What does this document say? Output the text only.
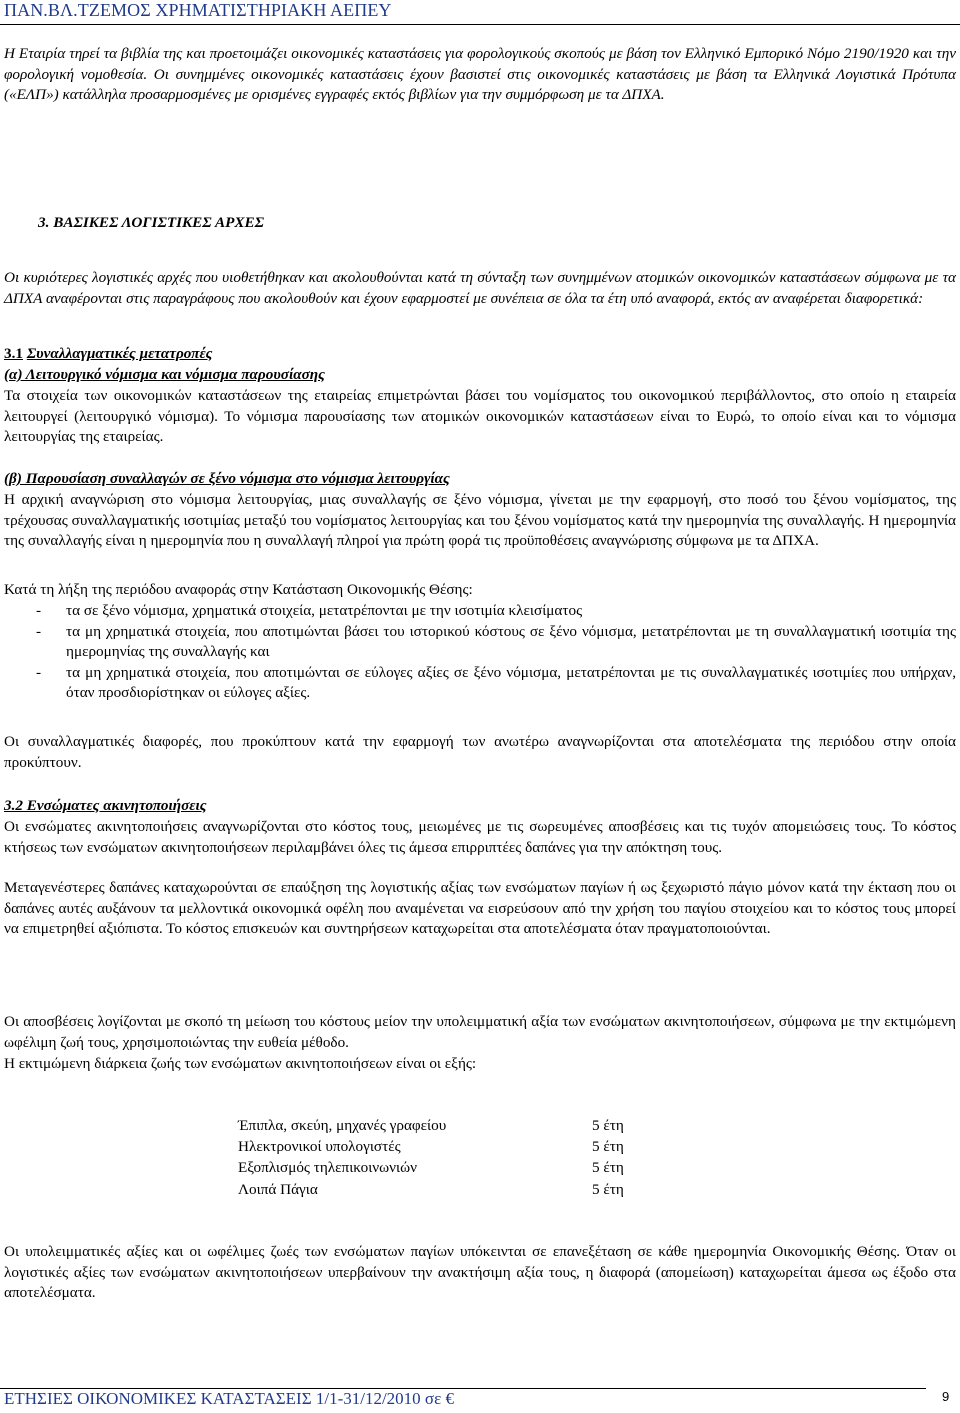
ΠΑΝ.ΒΛ.ΤΖΕΜΟΣ ΧΡΗΜΑΤΙΣΤΗΡΙΑΚΗ ΑΕΠΕΥ
Η Εταιρία τηρεί τα βιβλία της και προετοιμάζει οικονομικές καταστάσεις για φορολογικούς σκοπούς με βάση τον Ελληνικό Εμπορικό Νόμο 2190/1920 και την φορολογική νομοθεσία. Οι συνημμένες οικονομικές καταστάσεις έχουν βασιστεί στις οικονομικές καταστάσεις με βάση τα Ελληνικά Λογιστικά Πρότυπα («ΕΛΠ») κατάλληλα προσαρμοσμένες με ορισμένες εγγραφές εκτός βιβλίων για την συμμόρφωση με τα ΔΠΧΑ.
3. ΒΑΣΙΚΕΣ ΛΟΓΙΣΤΙΚΕΣ ΑΡΧΕΣ
Οι κυριότερες λογιστικές αρχές που υιοθετήθηκαν και ακολουθούνται κατά τη σύνταξη των συνημμένων ατομικών οικονομικών καταστάσεων σύμφωνα με τα ΔΠΧΑ αναφέρονται στις παραγράφους που ακολουθούν και έχουν εφαρμοστεί με συνέπεια σε όλα τα έτη υπό αναφορά, εκτός αν αναφέρεται διαφορετικά:
3.1 Συναλλαγματικές μετατροπές
(α) Λειτουργικό νόμισμα και νόμισμα παρουσίασης
Τα στοιχεία των οικονομικών καταστάσεων της εταιρείας επιμετρώνται βάσει του νομίσματος του οικονομικού περιβάλλοντος, στο οποίο η εταιρεία λειτουργεί (λειτουργικό νόμισμα). Το νόμισμα παρουσίασης των ατομικών οικονομικών καταστάσεων είναι το Ευρώ, το οποίο είναι και το νόμισμα λειτουργίας της εταιρείας.
(β) Παρουσίαση συναλλαγών σε ξένο νόμισμα στο νόμισμα λειτουργίας
Η αρχική αναγνώριση στο νόμισμα λειτουργίας, μιας συναλλαγής σε ξένο νόμισμα, γίνεται με την εφαρμογή, στο ποσό του ξένου νομίσματος, της τρέχουσας συναλλαγματικής ισοτιμίας μεταξύ του νομίσματος λειτουργίας και του ξένου νομίσματος κατά την ημερομηνία της συναλλαγής. Η ημερομηνία της συναλλαγής είναι η ημερομηνία που η συναλλαγή πληροί για πρώτη φορά τις προϋποθέσεις αναγνώρισης σύμφωνα με τα ΔΠΧΑ.
Κατά τη λήξη της περιόδου αναφοράς στην Κατάσταση Οικονομικής Θέσης:
-	τα σε ξένο νόμισμα, χρηματικά στοιχεία, μετατρέπονται με την ισοτιμία κλεισίματος
-	τα μη χρηματικά στοιχεία, που αποτιμώνται βάσει του ιστορικού κόστους σε ξένο νόμισμα, μετατρέπονται με τη συναλλαγματική ισοτιμία της ημερομηνίας της συναλλαγής και
-	τα μη χρηματικά στοιχεία, που αποτιμώνται σε εύλογες αξίες σε ξένο νόμισμα, μετατρέπονται με τις συναλλαγματικές ισοτιμίες που υπήρχαν, όταν προσδιορίστηκαν οι εύλογες αξίες.
Οι συναλλαγματικές διαφορές, που προκύπτουν κατά την εφαρμογή των ανωτέρω αναγνωρίζονται στα αποτελέσματα της περιόδου στην οποία προκύπτουν.
3.2 Ενσώματες ακινητοποιήσεις
Οι ενσώματες ακινητοποιήσεις αναγνωρίζονται στο κόστος τους, μειωμένες με τις σωρευμένες αποσβέσεις και τις τυχόν απομειώσεις τους. Το κόστος κτήσεως των ενσώματων ακινητοποιήσεων περιλαμβάνει όλες τις άμεσα επιρριπτέες δαπάνες για την απόκτηση τους.
Μεταγενέστερες δαπάνες καταχωρούνται σε επαύξηση της λογιστικής αξίας των ενσώματων παγίων ή ως ξεχωριστό πάγιο μόνον κατά την έκταση που οι δαπάνες αυτές αυξάνουν τα μελλοντικά οικονομικά οφέλη που αναμένεται να εισρεύσουν από την χρήση του παγίου στοιχείου και το κόστος τους μπορεί να επιμετρηθεί αξιόπιστα. Το κόστος επισκευών και συντηρήσεων καταχωρείται στα αποτελέσματα όταν πραγματοποιούνται.
Οι αποσβέσεις λογίζονται με σκοπό τη μείωση του κόστους μείον την υπολειμματική αξία των ενσώματων ακινητοποιήσεων, σύμφωνα με την εκτιμώμενη ωφέλιμη ζωή τους, χρησιμοποιώντας την ευθεία μέθοδο.
Η εκτιμώμενη διάρκεια ζωής των ενσώματων ακινητοποιήσεων είναι οι εξής:
Έπιπλα, σκεύη, μηχανές γραφείου	5 έτη
Ηλεκτρονικοί υπολογιστές	5 έτη
Εξοπλισμός τηλεπικοινωνιών	5 έτη
Λοιπά Πάγια	5 έτη
Οι υπολειμματικές αξίες και οι ωφέλιμες ζωές των ενσώματων παγίων υπόκεινται σε επανεξέταση σε κάθε ημερομηνία Οικονομικής Θέσης. Όταν οι λογιστικές αξίες των ενσώματων ακινητοποιήσεων υπερβαίνουν την ανακτήσιμη αξία τους, η διαφορά (απομείωση) καταχωρείται άμεσα ως έξοδο στα αποτελέσματα.
ΕΤΗΣΙΕΣ ΟΙΚΟΝΟΜΙΚΕΣ ΚΑΤΑΣΤΑΣΕΙΣ 1/1-31/12/2010 σε €	9
